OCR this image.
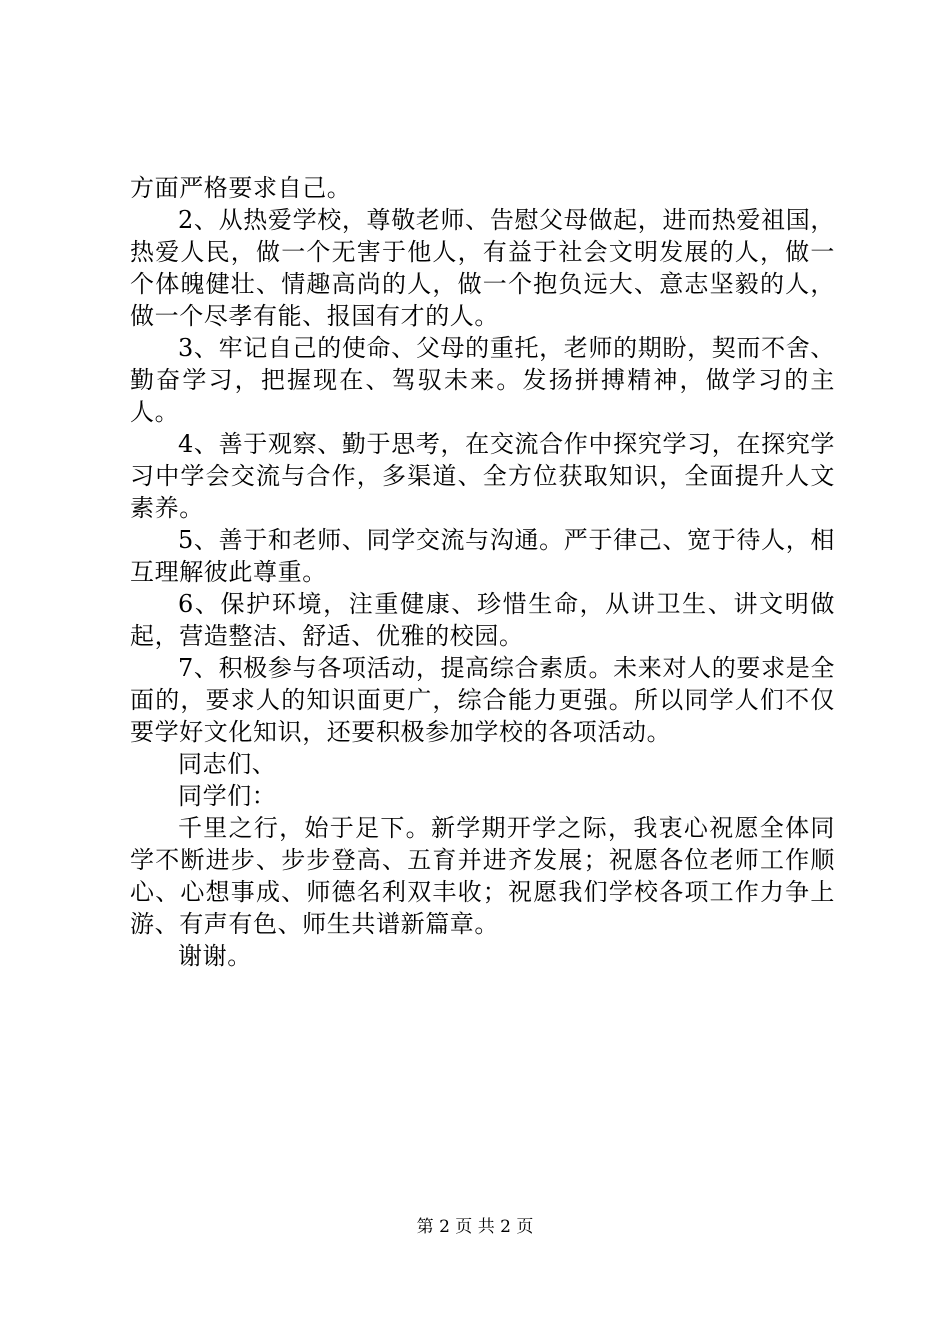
方面严格要求自己。

2、从热爱学校，尊敬老师、告慰父母做起，进而热爱祖国，热爱人民，做一个无害于他人，有益于社会文明发展的人，做一个体魄健壮、情趣高尚的人，做一个抱负远大、意志坚毅的人，做一个尽孝有能、报国有才的人。

3、牢记自己的使命、父母的重托，老师的期盼，契而不舍、勤奋学习，把握现在、驾驭未来。发扬拼搏精神，做学习的主人。

4、善于观察、勤于思考，在交流合作中探究学习，在探究学习中学会交流与合作，多渠道、全方位获取知识，全面提升人文素养。

5、善于和老师、同学交流与沟通。严于律己、宽于待人，相互理解彼此尊重。

6、保护环境，注重健康、珍惜生命，从讲卫生、讲文明做起，营造整洁、舒适、优雅的校园。

7、积极参与各项活动，提高综合素质。未来对人的要求是全面的，要求人的知识面更广，综合能力更强。所以同学人们不仅要学好文化知识，还要积极参加学校的各项活动。

同志们、

同学们：

千里之行，始于足下。新学期开学之际，我衷心祝愿全体同学不断进步、步步登高、五育并进齐发展；祝愿各位老师工作顺心、心想事成、师德名利双丰收；祝愿我们学校各项工作力争上游、有声有色、师生共谱新篇章。

谢谢。

第 2 页 共 2 页
